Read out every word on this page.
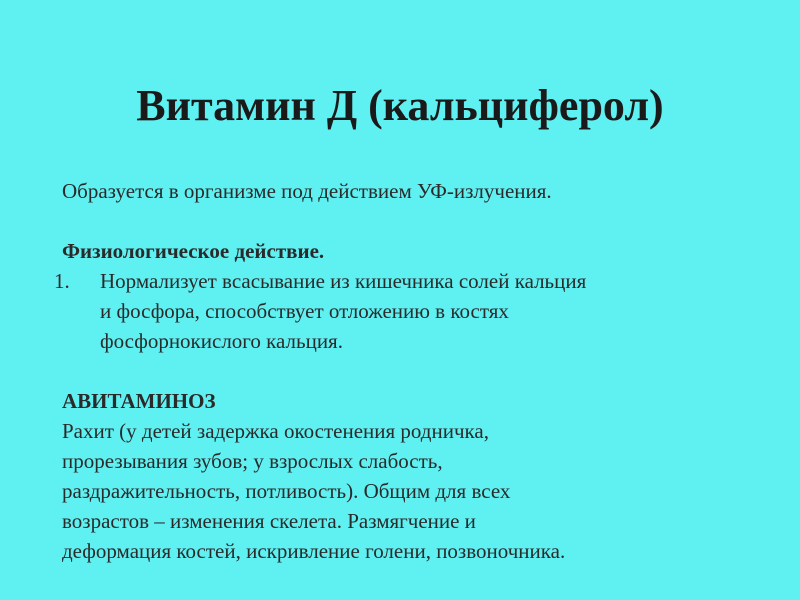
Витамин Д (кальциферол)
Образуется в организме под действием УФ-излучения.
Физиологическое действие.
1. Нормализует всасывание из кишечника солей кальция
и фосфора, способствует отложению в костях
фосфорнокислого кальция.
АВИТАМИНОЗ
Рахит (у детей задержка окостенения родничка,
прорезывания зубов; у взрослых слабость,
раздражительность, потливость). Общим для всех
возрастов – изменения скелета. Размягчение и
деформация костей, искривление голени, позвоночника.
